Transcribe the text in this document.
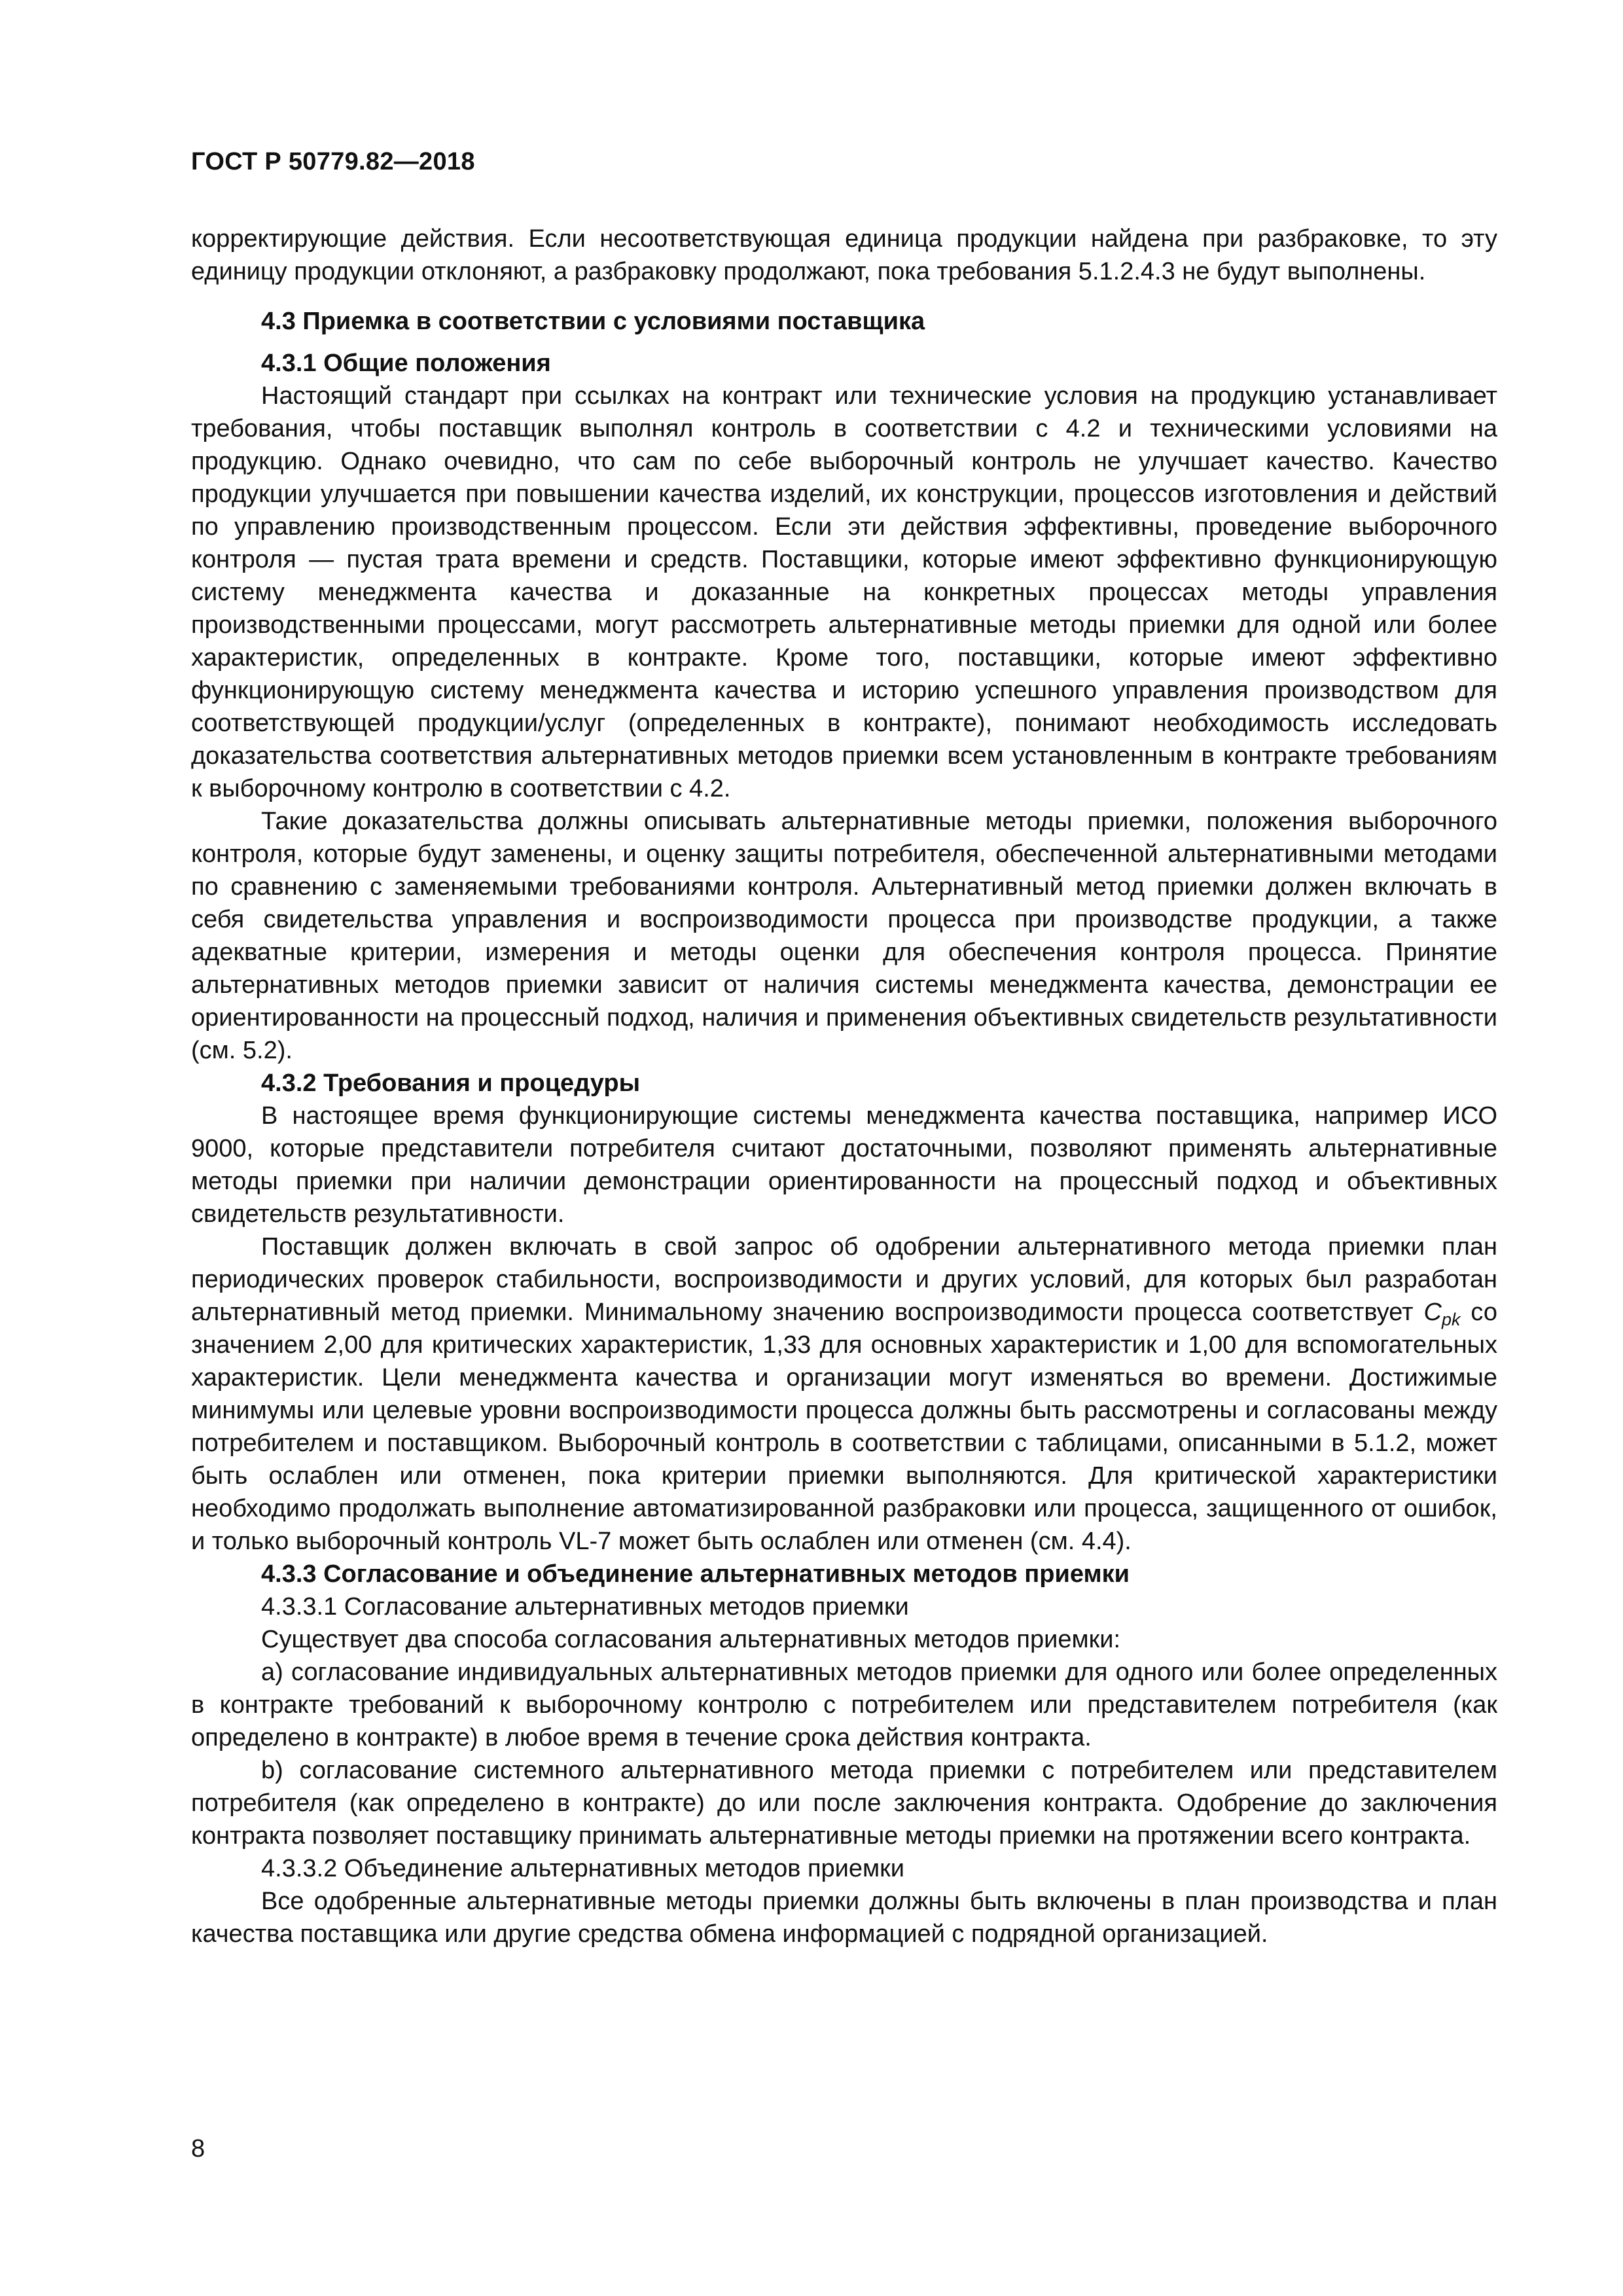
ГОСТ Р 50779.82—2018

корректирующие действия. Если несоответствующая единица продукции найдена при разбраковке, то эту единицу продукции отклоняют, а разбраковку продолжают, пока требования 5.1.2.4.3 не будут выполнены.

4.3 Приемка в соответствии с условиями поставщика

4.3.1 Общие положения

Настоящий стандарт при ссылках на контракт или технические условия на продукцию устанавливает требования, чтобы поставщик выполнял контроль в соответствии с 4.2 и техническими условиями на продукцию. Однако очевидно, что сам по себе выборочный контроль не улучшает качество. Качество продукции улучшается при повышении качества изделий, их конструкции, процессов изготовления и действий по управлению производственным процессом. Если эти действия эффективны, проведение выборочного контроля — пустая трата времени и средств. Поставщики, которые имеют эффективно функционирующую систему менеджмента качества и доказанные на конкретных процессах методы управления производственными процессами, могут рассмотреть альтернативные методы приемки для одной или более характеристик, определенных в контракте. Кроме того, поставщики, которые имеют эффективно функционирующую систему менеджмента качества и историю успешного управления производством для соответствующей продукции/услуг (определенных в контракте), понимают необходимость исследовать доказательства соответствия альтернативных методов приемки всем установленным в контракте требованиям к выборочному контролю в соответствии с 4.2.

Такие доказательства должны описывать альтернативные методы приемки, положения выборочного контроля, которые будут заменены, и оценку защиты потребителя, обеспеченной альтернативными методами по сравнению с заменяемыми требованиями контроля. Альтернативный метод приемки должен включать в себя свидетельства управления и воспроизводимости процесса при производстве продукции, а также адекватные критерии, измерения и методы оценки для обеспечения контроля процесса. Принятие альтернативных методов приемки зависит от наличия системы менеджмента качества, демонстрации ее ориентированности на процессный подход, наличия и применения объективных свидетельств результативности (см. 5.2).

4.3.2 Требования и процедуры

В настоящее время функционирующие системы менеджмента качества поставщика, например ИСО 9000, которые представители потребителя считают достаточными, позволяют применять альтернативные методы приемки при наличии демонстрации ориентированности на процессный подход и объективных свидетельств результативности.

Поставщик должен включать в свой запрос об одобрении альтернативного метода приемки план периодических проверок стабильности, воспроизводимости и других условий, для которых был разработан альтернативный метод приемки. Минимальному значению воспроизводимости процесса соответствует $C_{pk}$ со значением 2,00 для критических характеристик, 1,33 для основных характеристик и 1,00 для вспомогательных характеристик. Цели менеджмента качества и организации могут изменяться во времени. Достижимые минимумы или целевые уровни воспроизводимости процесса должны быть рассмотрены и согласованы между потребителем и поставщиком. Выборочный контроль в соответствии с таблицами, описанными в 5.1.2, может быть ослаблен или отменен, пока критерии приемки выполняются. Для критической характеристики необходимо продолжать выполнение автоматизированной разбраковки или процесса, защищенного от ошибок, и только выборочный контроль VL-7 может быть ослаблен или отменен (см. 4.4).

4.3.3 Согласование и объединение альтернативных методов приемки

4.3.3.1 Согласование альтернативных методов приемки

Существует два способа согласования альтернативных методов приемки:

а) согласование индивидуальных альтернативных методов приемки для одного или более определенных в контракте требований к выборочному контролю с потребителем или представителем потребителя (как определено в контракте) в любое время в течение срока действия контракта.

b) согласование системного альтернативного метода приемки с потребителем или представителем потребителя (как определено в контракте) до или после заключения контракта. Одобрение до заключения контракта позволяет поставщику принимать альтернативные методы приемки на протяжении всего контракта.

4.3.3.2 Объединение альтернативных методов приемки

Все одобренные альтернативные методы приемки должны быть включены в план производства и план качества поставщика или другие средства обмена информацией с подрядной организацией.

8
